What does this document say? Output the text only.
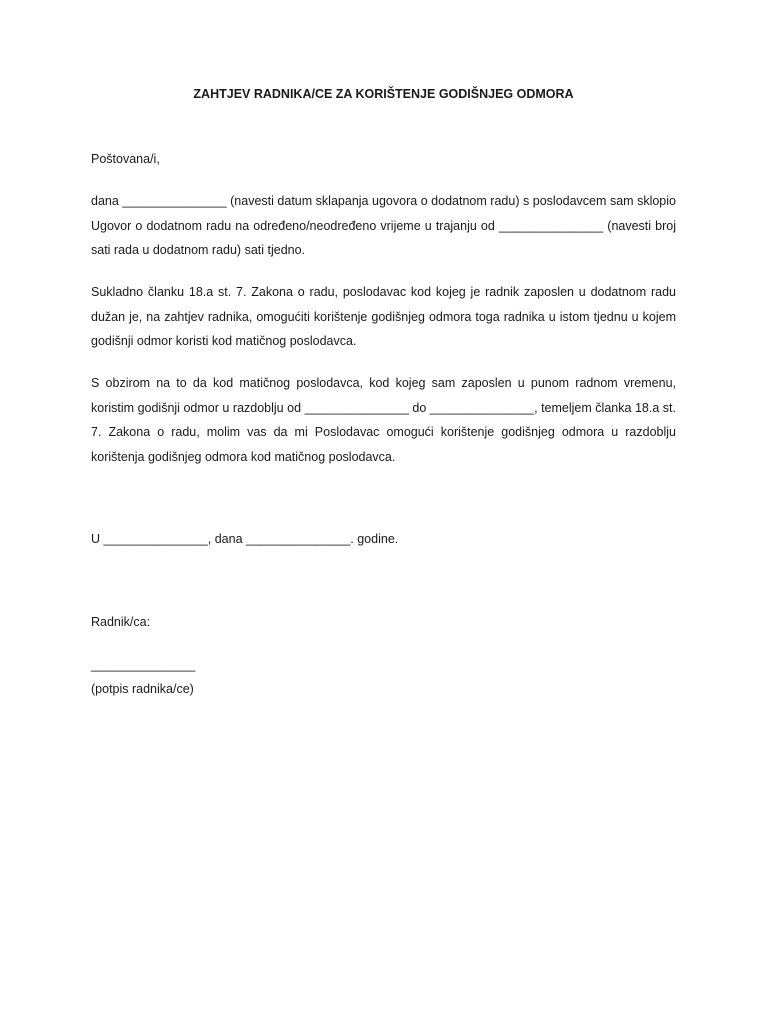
ZAHTJEV RADNIKA/CE ZA KORIŠTENJE GODIŠNJEG ODMORA

Poštovana/i,

dana _______________ (navesti datum sklapanja ugovora o dodatnom radu) s poslodavcem sam sklopio Ugovor o dodatnom radu na određeno/neodređeno vrijeme u trajanju od _______________ (navesti broj sati rada u dodatnom radu) sati tjedno.

Sukladno članku 18.a st. 7. Zakona o radu, poslodavac kod kojeg je radnik zaposlen u dodatnom radu dužan je, na zahtjev radnika, omogućiti korištenje godišnjeg odmora toga radnika u istom tjednu u kojem godišnji odmor koristi kod matičnog poslodavca.

S obzirom na to da kod matičnog poslodavca, kod kojeg sam zaposlen u punom radnom vremenu, koristim godišnji odmor u razdoblju od _______________ do _______________, temeljem članka 18.a st. 7. Zakona o radu, molim vas da mi Poslodavac omogući korištenje godišnjeg odmora u razdoblju korištenja godišnjeg odmora kod matičnog poslodavca.

U _______________, dana _______________. godine.

Radnik/ca:

_______________

(potpis radnika/ce)
